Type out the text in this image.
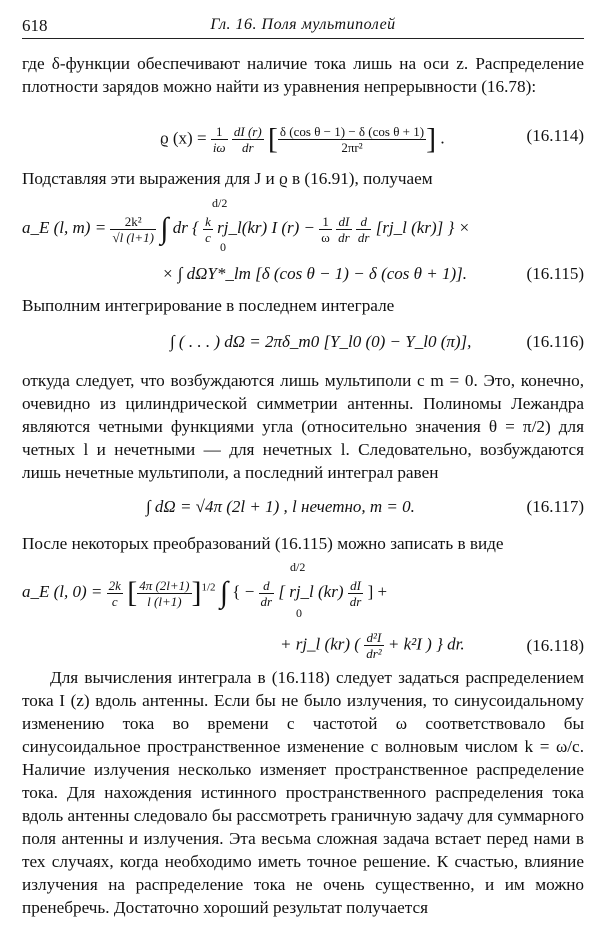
618	Гл. 16. Поля мультиполей

где δ-функции обеспечивают наличие тока лишь на оси z. Распределение плотности зарядов можно найти из уравнения непрерывности (16.78):

ϱ $(x) = \frac{1}{i\omega}$
$\frac{dI (r)}{dr}$ [ $\frac{\text{δ (cos θ − 1) − δ (cos θ + 1)}}{\text{2πr²}}$ ] .	(16.114)

Подставляя эти выражения для J и ϱ в (16.91), получаем

a_E (l, $m) = \frac{\text{2k²}}{√l (l+1)}$ ∫ dr { $\frac{k}{c}$ rj_l(kr) I $(r) - \frac{1}{\omega}$
$\frac{dI}{dr}$
$\frac{d}{dr}$ [rj_l (kr)] } ×
d/2
0
× ∫ dΩY*_lm [δ (cos θ − 1) − δ (cos θ + 1)].	(16.115)

Выполним интегрирование в последнем интеграле

∫ ( . . . ) dΩ = 2πδ_m0 [Y_l0 (0) − Y_l0 (π)],	(16.116)

откуда следует, что возбуждаются лишь мультиполи с m = 0. Это, конечно, очевидно из цилиндрической симметрии антенны. Полиномы Лежандра являются четными функциями угла (относительно значения θ = π/2) для четных l и нечетными — для нечетных l. Следовательно, возбуждаются лишь нечетные мультиполи, а последний интеграл равен

∫ dΩ = √4π (2l + 1) , l нечетно, m = 0.	(16.117)

После некоторых преобразований (16.115) можно записать в виде

a_E (l, $0) = \frac{2k}{c}$ [ $\frac{4\pi (2l+1)}{l (l+1)} ]^{1/2}$ ∫ { − $\frac{d}{dr}$ [ rj_l $(kr) \frac{dI}{dr}$ ] +
d/2
0
+ rj_l (kr) ( $\frac{\text{d²I}}{\text{dr²}} + k^2I$ ) } dr.	(16.118)

Для вычисления интеграла в (16.118) следует задаться распределением тока I (z) вдоль антенны. Если бы не было излучения, то синусоидальному изменению тока во времени с частотой ω соответствовало бы синусоидальное пространственное изменение с волновым числом k = ω/c. Наличие излучения несколько изменяет пространственное распределение тока. Для нахождения истинного пространственного распределения тока вдоль антенны следовало бы рассмотреть граничную задачу для суммарного поля антенны и излучения. Эта весьма сложная задача встает перед нами в тех случаях, когда необходимо иметь точное решение. К счастью, влияние излучения на распределение тока не очень существенно, и им можно пренебречь. Достаточно хороший результат получается
